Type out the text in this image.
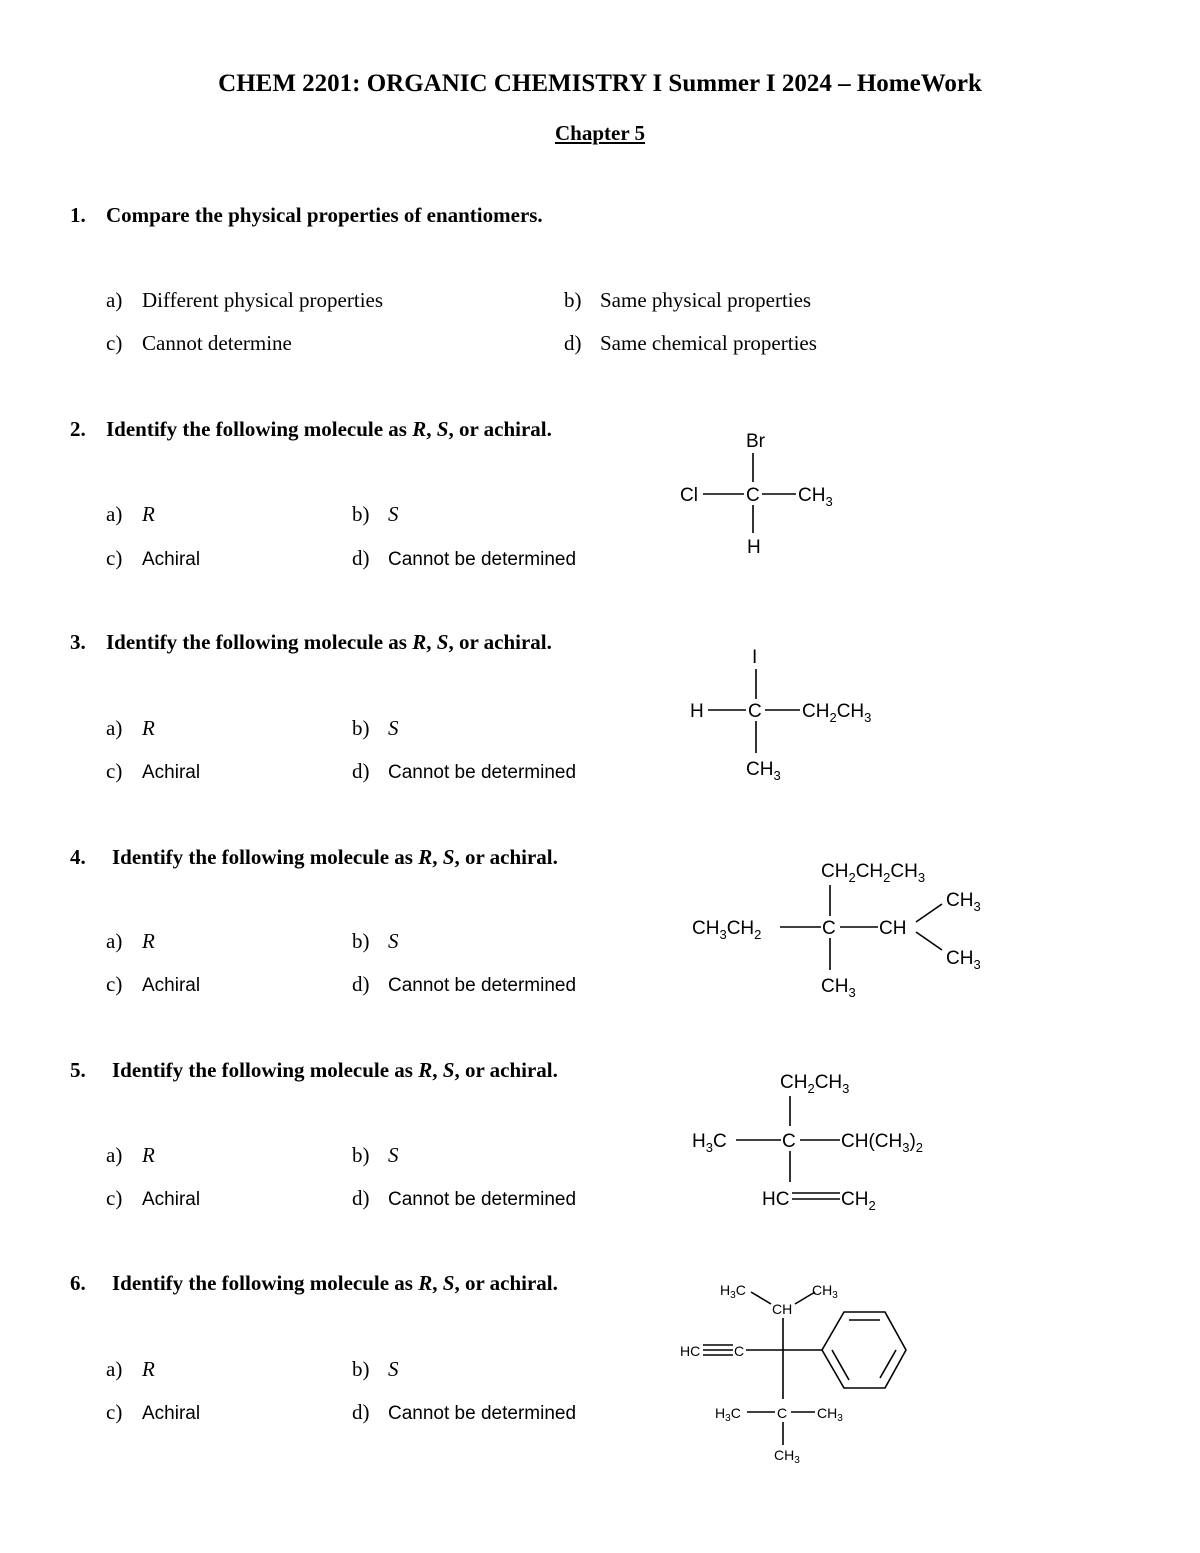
CHEM 2201: ORGANIC CHEMISTRY I Summer I 2024 – HomeWork
Chapter 5
1. Compare the physical properties of enantiomers.
a) Different physical properties	b) Same physical properties
c) Cannot determine	d) Same chemical properties
2. Identify the following molecule as R, S, or achiral.
a) R	b) S
c) Achiral	d) Cannot be determined
Br
Cl	C $CH_3$
H
3. Identify the following molecule as R, S, or achiral.
a) R	b) S
c) Achiral	d) Cannot be determined
I
H C $CH_2CH_3$
$CH_3$
4. Identify the following molecule as R, S, or achiral.
a) R	b) S
c) Achiral	d) Cannot be determined
$CH_2CH_2CH_3$
$CH_3CH_2$	C CH
$CH_3$
$CH_3$
$CH_3$
5. Identify the following molecule as R, S, or achiral.
a) R	b) S
c) Achiral	d) Cannot be determined
$CH_2CH_3$
$H_3C$	C $CH(CH_3)_2$
HC	$CH_2$
6. Identify the following molecule as R, S, or achiral.
a) R	b) S
c) Achiral	d) Cannot be determined
$H_3C$
CH
$CH_3$
HC C
$H_3C$	C $CH_3$
$CH_3$
